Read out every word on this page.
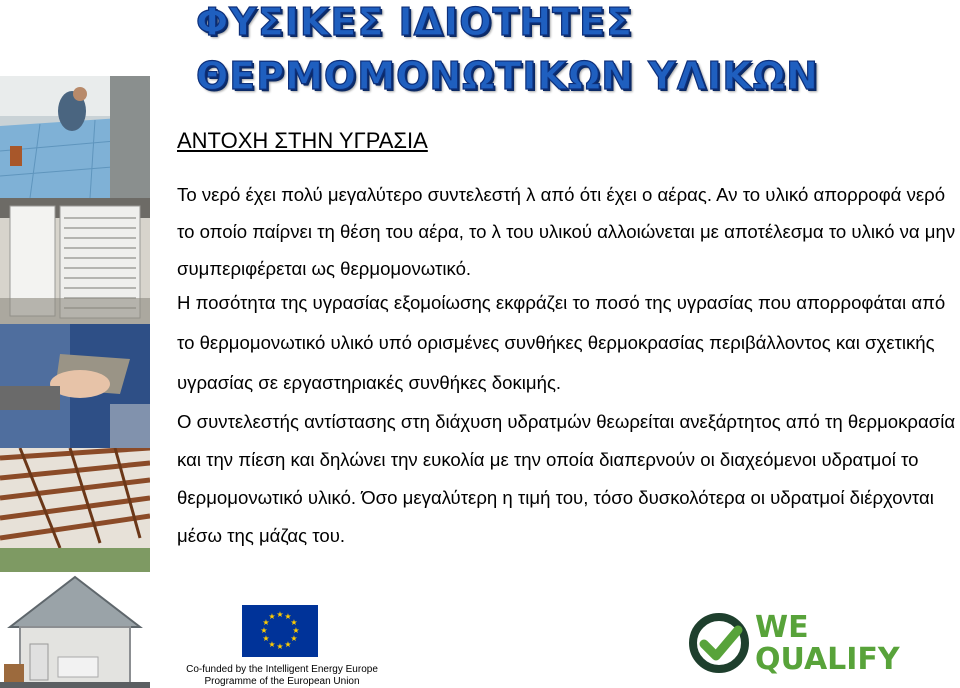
ΦΥΣΙΚΕΣ ΙΔΙΟΤΗΤΕΣ
ΘΕΡΜΟΜΟΝΩΤΙΚΩΝ ΥΛΙΚΩΝ

ΑΝΤΟΧΗ ΣΤΗΝ ΥΓΡΑΣΙΑ

Το νερό έχει πολύ μεγαλύτερο συντελεστή λ από ότι έχει ο αέρας. Αν το υλικό απορροφά νερό το οποίο παίρνει τη θέση του αέρα, το λ του υλικού αλλοιώνεται με αποτέλεσμα το υλικό να μην συμπεριφέρεται ως θερμομονωτικό.

Η ποσότητα της υγρασίας εξομοίωσης εκφράζει το ποσό της υγρασίας που απορροφάται από το θερμομονωτικό υλικό υπό ορισμένες συνθήκες θερμοκρασίας περιβάλλοντος και σχετικής υγρασίας σε εργαστηριακές συνθήκες δοκιμής.

Ο συντελεστής αντίστασης στη διάχυση υδρατμών θεωρείται ανεξάρτητος από τη θερμοκρασία και την πίεση και δηλώνει την ευκολία με την οποία διαπερνούν οι διαχεόμενοι υδρατμοί το θερμομονωτικό υλικό. Όσο μεγαλύτερη η τιμή του, τόσο δυσκολότερα οι υδρατμοί διέρχονται μέσω της μάζας του.

★ ★
★
★
★
★
★
★
★
★
★
★
Co-funded by the Intelligent Energy Europe
Programme of the European Union
WE
QUALIFY
